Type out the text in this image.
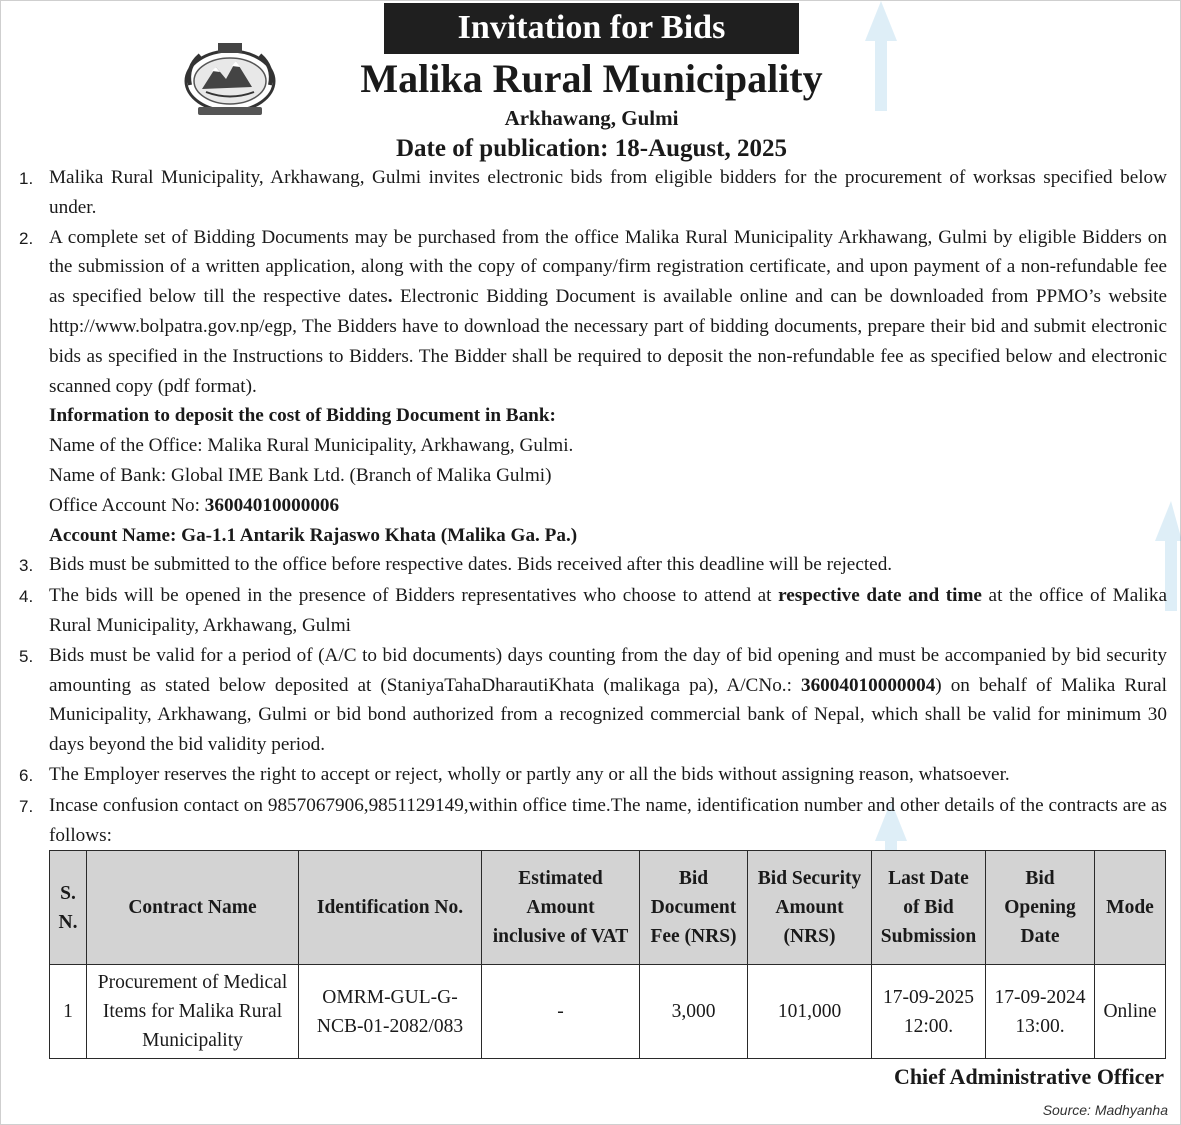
Invitation for Bids
Malika Rural Municipality
Arkhawang, Gulmi
Date of publication: 18-August, 2025
1. Malika Rural Municipality, Arkhawang, Gulmi invites electronic bids from eligible bidders for the procurement of worksas specified below under.
2. A complete set of Bidding Documents may be purchased from the office Malika Rural Municipality Arkhawang, Gulmi by eligible Bidders on the submission of a written application, along with the copy of company/firm registration certificate, and upon payment of a non-refundable fee as specified below till the respective dates. Electronic Bidding Document is available online and can be downloaded from PPMO’s website http://www.bolpatra.gov.np/egp, The Bidders have to download the necessary part of bidding documents, prepare their bid and submit electronic bids as specified in the Instructions to Bidders. The Bidder shall be required to deposit the non-refundable fee as specified below and electronic scanned copy (pdf format).
Information to deposit the cost of Bidding Document in Bank:
Name of the Office: Malika Rural Municipality, Arkhawang, Gulmi.
Name of Bank: Global IME Bank Ltd. (Branch of Malika Gulmi)
Office Account No: 36004010000006
Account Name: Ga-1.1 Antarik Rajaswo Khata (Malika Ga. Pa.)
3. Bids must be submitted to the office before respective dates. Bids received after this deadline will be rejected.
4. The bids will be opened in the presence of Bidders representatives who choose to attend at respective date and time at the office of Malika Rural Municipality, Arkhawang, Gulmi
5. Bids must be valid for a period of (A/C to bid documents) days counting from the day of bid opening and must be accompanied by bid security amounting as stated below deposited at (StaniyaTahaDharautiKhata (malikaga pa), A/CNo.: 36004010000004) on behalf of Malika Rural Municipality, Arkhawang, Gulmi or bid bond authorized from a recognized commercial bank of Nepal, which shall be valid for minimum 30 days beyond the bid validity period.
6. The Employer reserves the right to accept or reject, wholly or partly any or all the bids without assigning reason, whatsoever.
7. Incase confusion contact on 9857067906,9851129149,within office time.The name, identification number and other details of the contracts are as follows:
S.
N.	Contract Name	Identification No.	Estimated
Amount
inclusive of VAT	Bid
Document
Fee (NRS)	Bid Security
Amount
(NRS)	Last Date
of Bid
Submission	Bid
Opening
Date	Mode
1	Procurement of Medical
Items for Malika Rural
Municipality	OMRM-GUL-G-
NCB-01-2082/083	-	3,000	101,000	17-09-2025
12:00.	17-09-2024
13:00.	Online
Chief Administrative Officer
Source: Madhyanha
